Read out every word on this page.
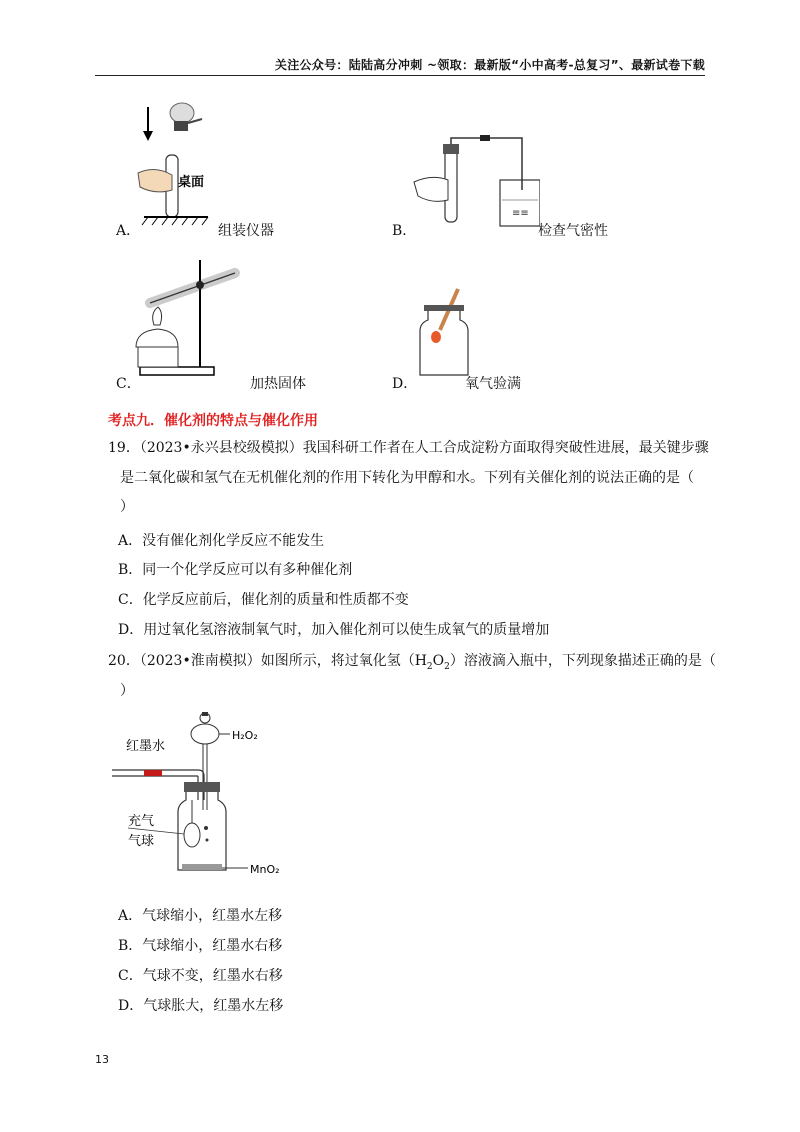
关注公众号：陆陆高分冲刺 ~领取：最新版“小中高考-总复习”、最新试卷下载
桌面
A．	组装仪器
≡≡
B．	检查气密性
C．	加热固体	D．	氧气验满
考点九．催化剂的特点与催化作用
19．（2023•永兴县校级模拟）我国科研工作者在人工合成淀粉方面取得突破性进展，最关键步骤
是二氧化碳和氢气在无机催化剂的作用下转化为甲醇和水。下列有关催化剂的说法正确的是（
）
A．没有催化剂化学反应不能发生
B．同一个化学反应可以有多种催化剂
C．化学反应前后，催化剂的质量和性质都不变
D．用过氧化氢溶液制氧气时，加入催化剂可以使生成氧气的质量增加
20．（2023•淮南模拟）如图所示，将过氧化氢$(H_2O_2)$溶液滴入瓶中，下列现象描述正确的是（
）
红墨水
H₂O₂
充气
气球
MnO₂
A．气球缩小，红墨水左移
B．气球缩小，红墨水右移
C．气球不变，红墨水右移
D．气球胀大，红墨水左移
13
